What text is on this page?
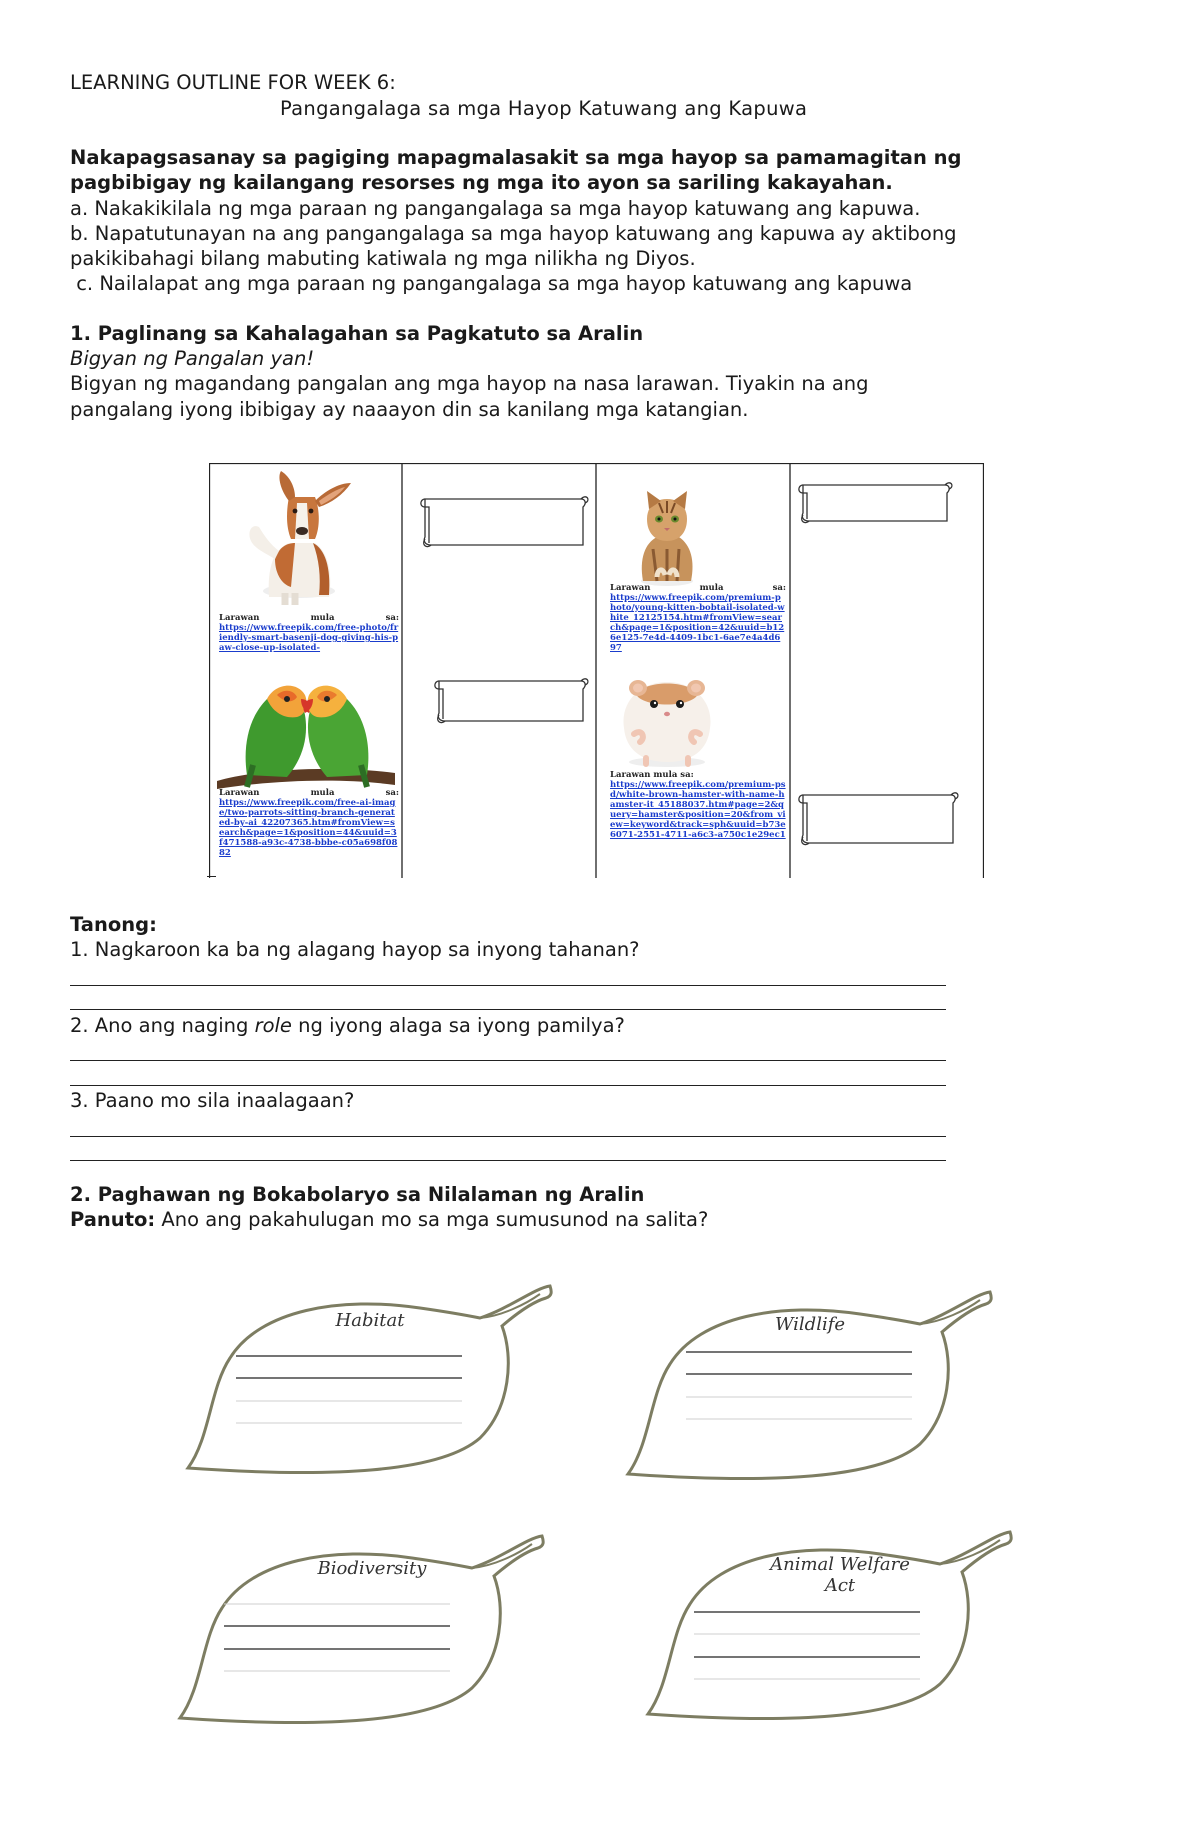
LEARNING OUTLINE FOR WEEK 6:
Pangangalaga sa mga Hayop Katuwang ang Kapuwa
Nakapagsasanay sa pagiging mapagmalasakit sa mga hayop sa pamamagitan ng
pagbibigay ng kailangang resorses ng mga ito ayon sa sariling kakayahan.
a. Nakakikilala ng mga paraan ng pangangalaga sa mga hayop katuwang ang kapuwa.
b. Napatutunayan na ang pangangalaga sa mga hayop katuwang ang kapuwa ay aktibong
pakikibahagi bilang mabuting katiwala ng mga nilikha ng Diyos.
c. Nailalapat ang mga paraan ng pangangalaga sa mga hayop katuwang ang kapuwa
1. Paglinang sa Kahalagahan sa Pagkatuto sa Aralin
Bigyan ng Pangalan yan!
Bigyan ng magandang pangalan ang mga hayop na nasa larawan. Tiyakin na ang
pangalang iyong ibibigay ay naaayon din sa kanilang mga katangian.
Larawan	mula	sa:
https://www.freepik.com/free-photo/friendly-smart-basenji-dog-giving-his-paw-close-up-isolated-
Larawan	mula	sa:
https://www.freepik.com/free-ai-image/two-parrots-sitting-branch-generated-by-ai_42207365.htm#fromView=search&page=1&position=44&uuid=3f471588-a93c-4738-bbbe-c05a698f0882
Larawan	mula	sa:
https://www.freepik.com/premium-photo/young-kitten-bobtail-isolated-white_12125154.htm#fromView=search&page=1&position=42&uuid=b126e125-7e4d-4409-1bc1-6ae7e4a4d697
Larawan mula sa:
https://www.freepik.com/premium-psd/white-brown-hamster-with-name-hamster-it_45188037.htm#page=2&query=hamster&position=20&from_view=keyword&track=sph&uuid=b73e6071-2551-4711-a6c3-a750c1e29ec1
Tanong:
1. Nagkaroon ka ba ng alagang hayop sa inyong tahanan?
2. Ano ang naging role ng iyong alaga sa iyong pamilya?
3. Paano mo sila inaalagaan?
2. Paghawan ng Bokabolaryo sa Nilalaman ng Aralin
Panuto: Ano ang pakahulugan mo sa mga sumusunod na salita?
Habitat	Wildlife
Biodiversity	Animal Welfare
Act
